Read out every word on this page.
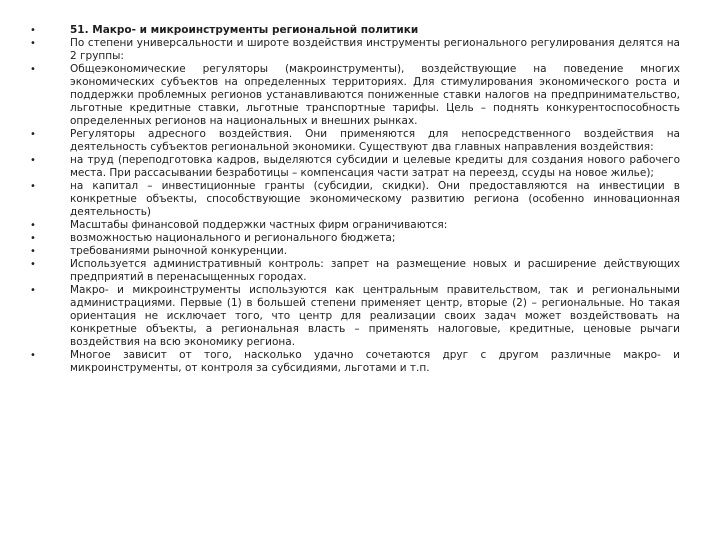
•	51. Макро- и микроинструменты региональной политики
•	По степени универсальности и широте воздействия инструменты регионального регулирования делятся на 2 группы:
•	Общеэкономические регуляторы (макроинструменты), воздействующие на поведение многих экономических субъектов на определенных территориях. Для стимулирования экономического роста и поддержки проблемных регионов устанавливаются пониженные ставки налогов на предпринимательство, льготные кредитные ставки, льготные транспортные тарифы. Цель – поднять конкурентоспособность определенных регионов на национальных и внешних рынках.
•	Регуляторы адресного воздействия. Они применяются для непосредственного воздействия на деятельность субъектов региональной экономики. Существуют два главных направления воздействия:
•	на труд (переподготовка кадров, выделяются субсидии и целевые кредиты для создания нового рабочего места. При рассасывании безработицы – компенсация части затрат на переезд, ссуды на новое жилье);
•	на капитал – инвестиционные гранты (субсидии, скидки). Они предоставляются на инвестиции в конкретные объекты, способствующие экономическому развитию региона (особенно инновационная деятельность)
•	Масштабы финансовой поддержки частных фирм ограничиваются:
•	возможностью национального и регионального бюджета;
•	требованиями рыночной конкуренции.
•	Используется административный контроль: запрет на размещение новых и расширение действующих предприятий в перенасыщенных городах.
•	Макро- и микроинструменты используются как центральным правительством, так и региональными администрациями. Первые (1) в большей степени применяет центр, вторые (2) – региональные. Но такая ориентация не исключает того, что центр для реализации своих задач может воздействовать на конкретные объекты, а региональная власть – применять налоговые, кредитные, ценовые рычаги воздействия на всю экономику региона.
•	Многое зависит от того, насколько удачно сочетаются друг с другом различные макро- и микроинструменты, от контроля за субсидиями, льготами и т.п.
